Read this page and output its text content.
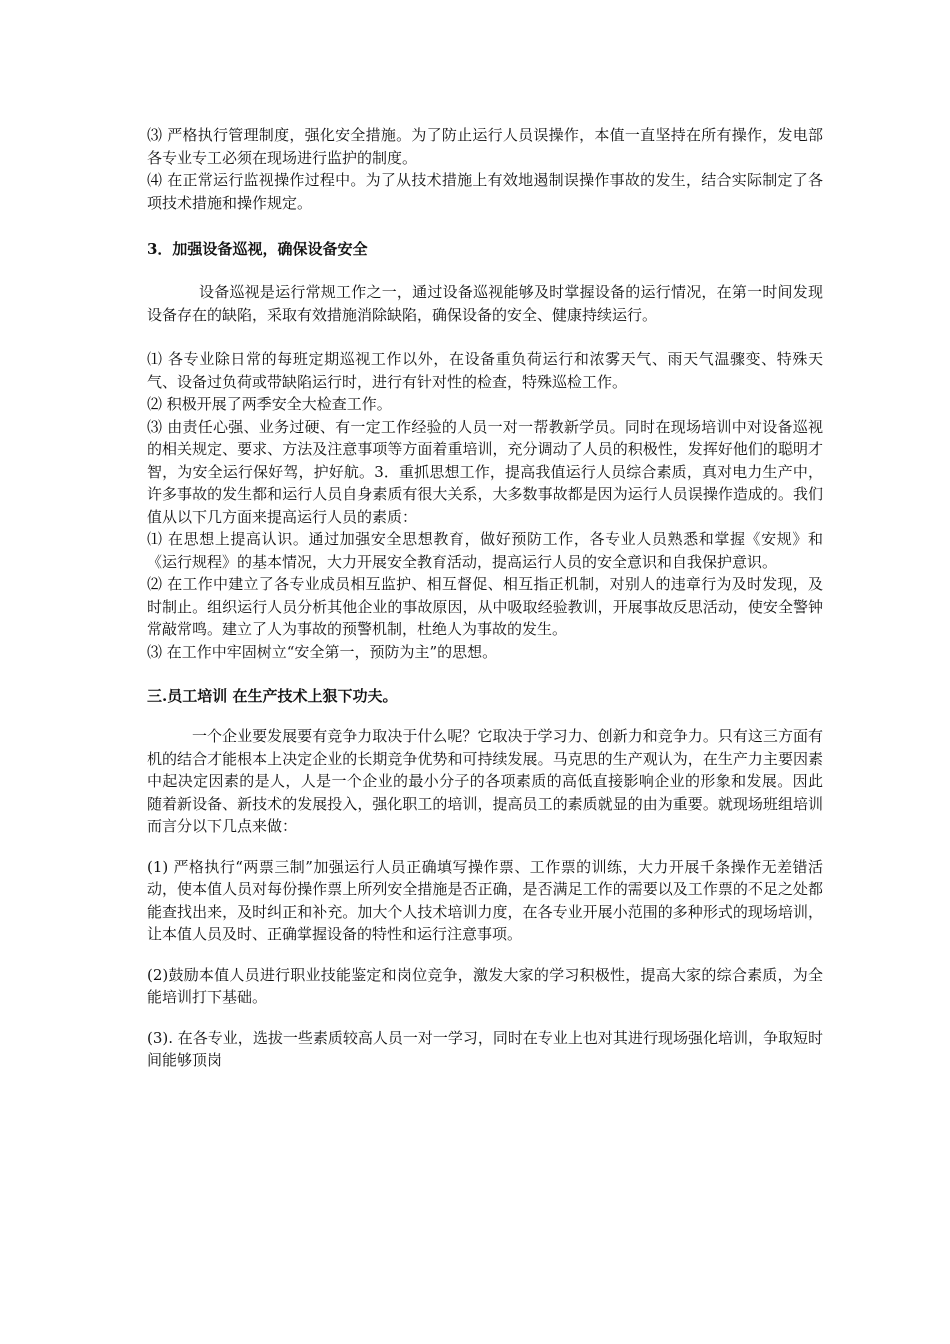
⑶ 严格执行管理制度，强化安全措施。为了防止运行人员误操作，本值一直坚持在所有操作，发电部各专业专工必须在现场进行监护的制度。

⑷ 在正常运行监视操作过程中。为了从技术措施上有效地遏制误操作事故的发生，结合实际制定了各项技术措施和操作规定。

3．加强设备巡视，确保设备安全

设备巡视是运行常规工作之一，通过设备巡视能够及时掌握设备的运行情况，在第一时间发现设备存在的缺陷，采取有效措施消除缺陷，确保设备的安全、健康持续运行。

⑴ 各专业除日常的每班定期巡视工作以外，在设备重负荷运行和浓雾天气、雨天气温骤变、特殊天气、设备过负荷或带缺陷运行时，进行有针对性的检查，特殊巡检工作。

⑵ 积极开展了两季安全大检查工作。

⑶ 由责任心强、业务过硬、有一定工作经验的人员一对一帮教新学员。同时在现场培训中对设备巡视的相关规定、要求、方法及注意事项等方面着重培训，充分调动了人员的积极性，发挥好他们的聪明才智，为安全运行保好驾，护好航。3．重抓思想工作，提高我值运行人员综合素质，真对电力生产中，许多事故的发生都和运行人员自身素质有很大关系，大多数事故都是因为运行人员误操作造成的。我们值从以下几方面来提高运行人员的素质：

⑴ 在思想上提高认识。通过加强安全思想教育，做好预防工作，各专业人员熟悉和掌握《安规》和《运行规程》的基本情况，大力开展安全教育活动，提高运行人员的安全意识和自我保护意识。

⑵ 在工作中建立了各专业成员相互监护、相互督促、相互指正机制，对别人的违章行为及时发现，及时制止。组织运行人员分析其他企业的事故原因，从中吸取经验教训，开展事故反思活动，使安全警钟常敲常鸣。建立了人为事故的预警机制，杜绝人为事故的发生。

⑶ 在工作中牢固树立“安全第一，预防为主”的思想。

三.员工培训 在生产技术上狠下功夫。

一个企业要发展要有竞争力取决于什么呢？它取决于学习力、创新力和竞争力。只有这三方面有机的结合才能根本上决定企业的长期竞争优势和可持续发展。马克思的生产观认为，在生产力主要因素中起决定因素的是人，人是一个企业的最小分子的各项素质的高低直接影响企业的形象和发展。因此 随着新设备、新技术的发展投入，强化职工的培训，提高员工的素质就显的由为重要。就现场班组培训而言分以下几点来做：

(1) 严格执行“两票三制”加强运行人员正确填写操作票、工作票的训练，大力开展千条操作无差错活动，使本值人员对每份操作票上所列安全措施是否正确，是否满足工作的需要以及工作票的不足之处都能查找出来，及时纠正和补充。加大个人技术培训力度，在各专业开展小范围的多种形式的现场培训，让本值人员及时、正确掌握设备的特性和运行注意事项。

(2)鼓励本值人员进行职业技能鉴定和岗位竞争，激发大家的学习积极性，提高大家的综合素质，为全能培训打下基础。

(3). 在各专业，选拔一些素质较高人员一对一学习，同时在专业上也对其进行现场强化培训，争取短时间能够顶岗
